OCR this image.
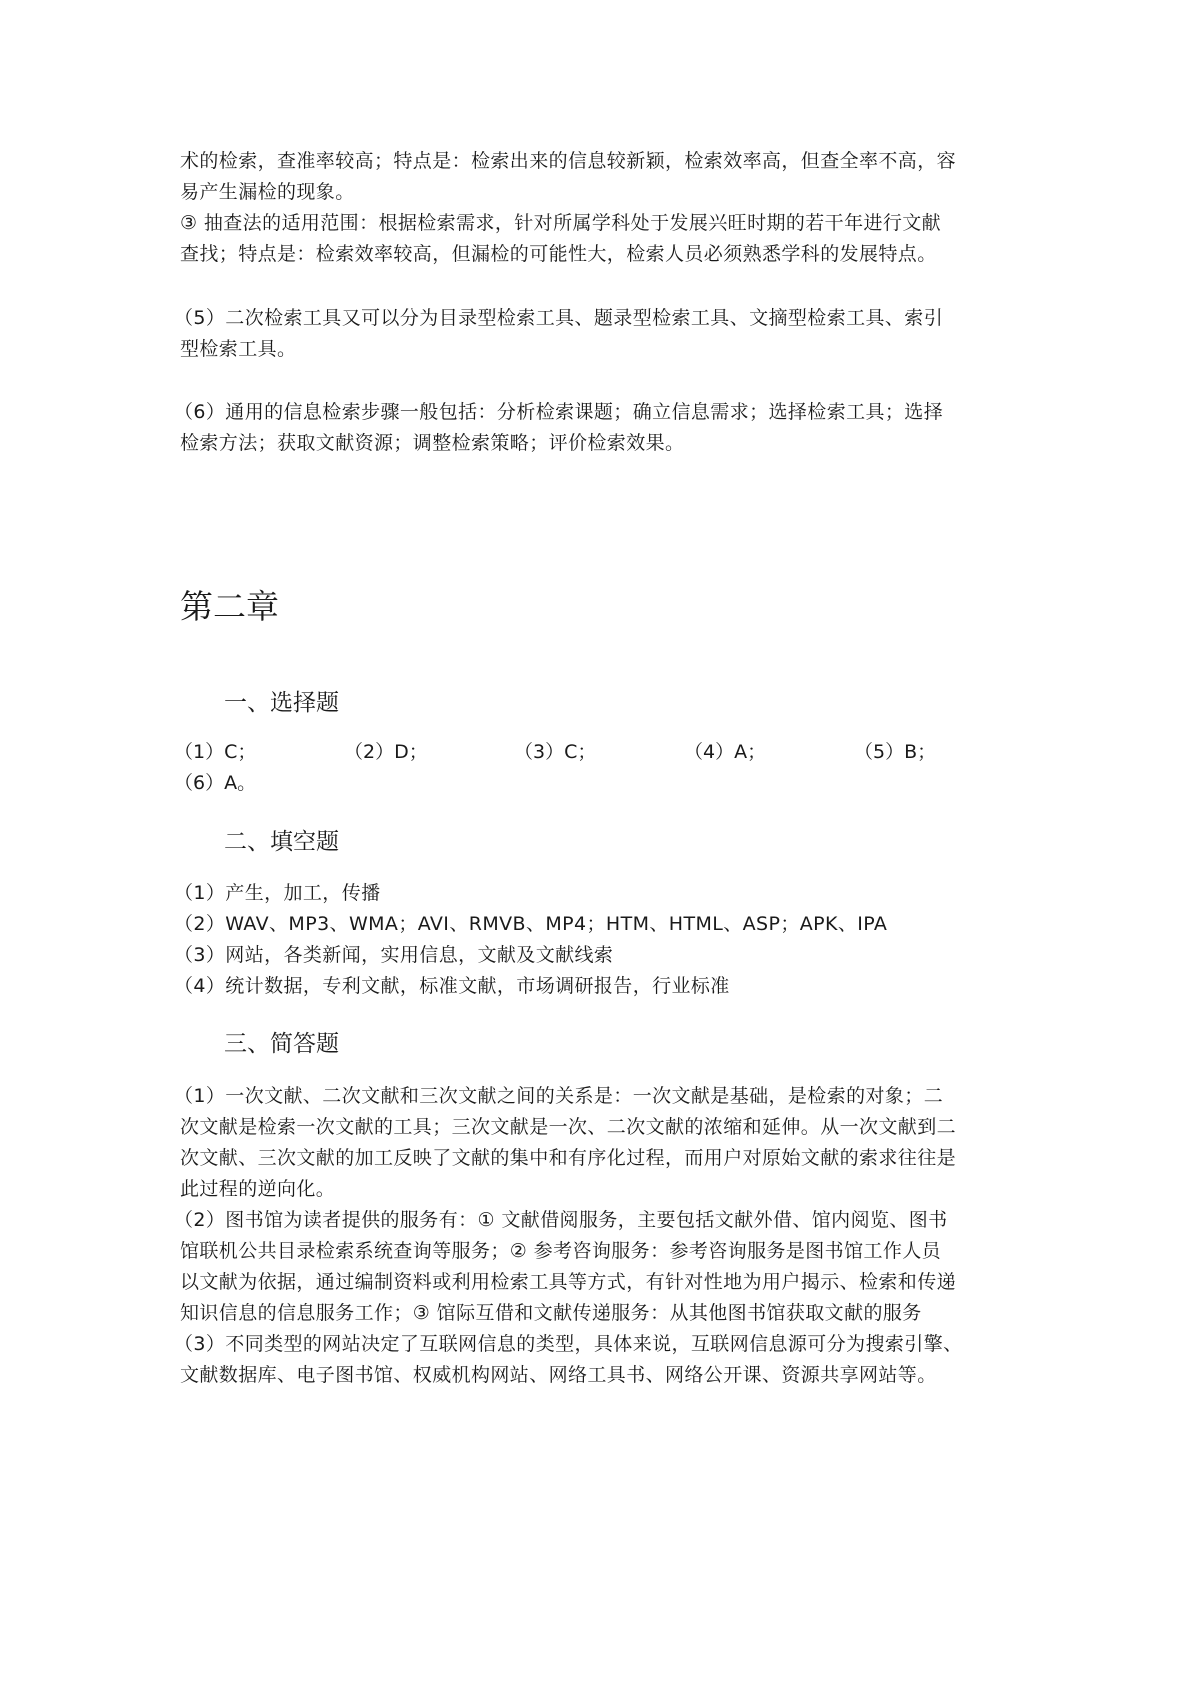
术的检索，查准率较高；特点是：检索出来的信息较新颖，检索效率高，但查全率不高，容
易产生漏检的现象。
③ 抽查法的适用范围：根据检索需求，针对所属学科处于发展兴旺时期的若干年进行文献
查找；特点是：检索效率较高，但漏检的可能性大，检索人员必须熟悉学科的发展特点。

（5）二次检索工具又可以分为目录型检索工具、题录型检索工具、文摘型检索工具、索引
型检索工具。

（6）通用的信息检索步骤一般包括：分析检索课题；确立信息需求；选择检索工具；选择
检索方法；获取文献资源；调整检索策略；评价检索效果。

第二章
一、选择题
（1）C；	（2）D；	（3）C；	（4）A；	（5）B；
（6）A。
二、填空题

（1）产生，加工，传播
（2）WAV、MP3、WMA；AVI、RMVB、MP4；HTM、HTML、ASP；APK、IPA
（3）网站，各类新闻，实用信息，文献及文献线索
（4）统计数据，专利文献，标准文献，市场调研报告，行业标准

三、简答题

（1）一次文献、二次文献和三次文献之间的关系是：一次文献是基础，是检索的对象；二
次文献是检索一次文献的工具；三次文献是一次、二次文献的浓缩和延伸。从一次文献到二
次文献、三次文献的加工反映了文献的集中和有序化过程，而用户对原始文献的索求往往是
此过程的逆向化。
（2）图书馆为读者提供的服务有：① 文献借阅服务，主要包括文献外借、馆内阅览、图书
馆联机公共目录检索系统查询等服务；② 参考咨询服务：参考咨询服务是图书馆工作人员
以文献为依据，通过编制资料或利用检索工具等方式，有针对性地为用户揭示、检索和传递
知识信息的信息服务工作；③ 馆际互借和文献传递服务：从其他图书馆获取文献的服务
（3）不同类型的网站决定了互联网信息的类型，具体来说，互联网信息源可分为搜索引擎、
文献数据库、电子图书馆、权威机构网站、网络工具书、网络公开课、资源共享网站等。
